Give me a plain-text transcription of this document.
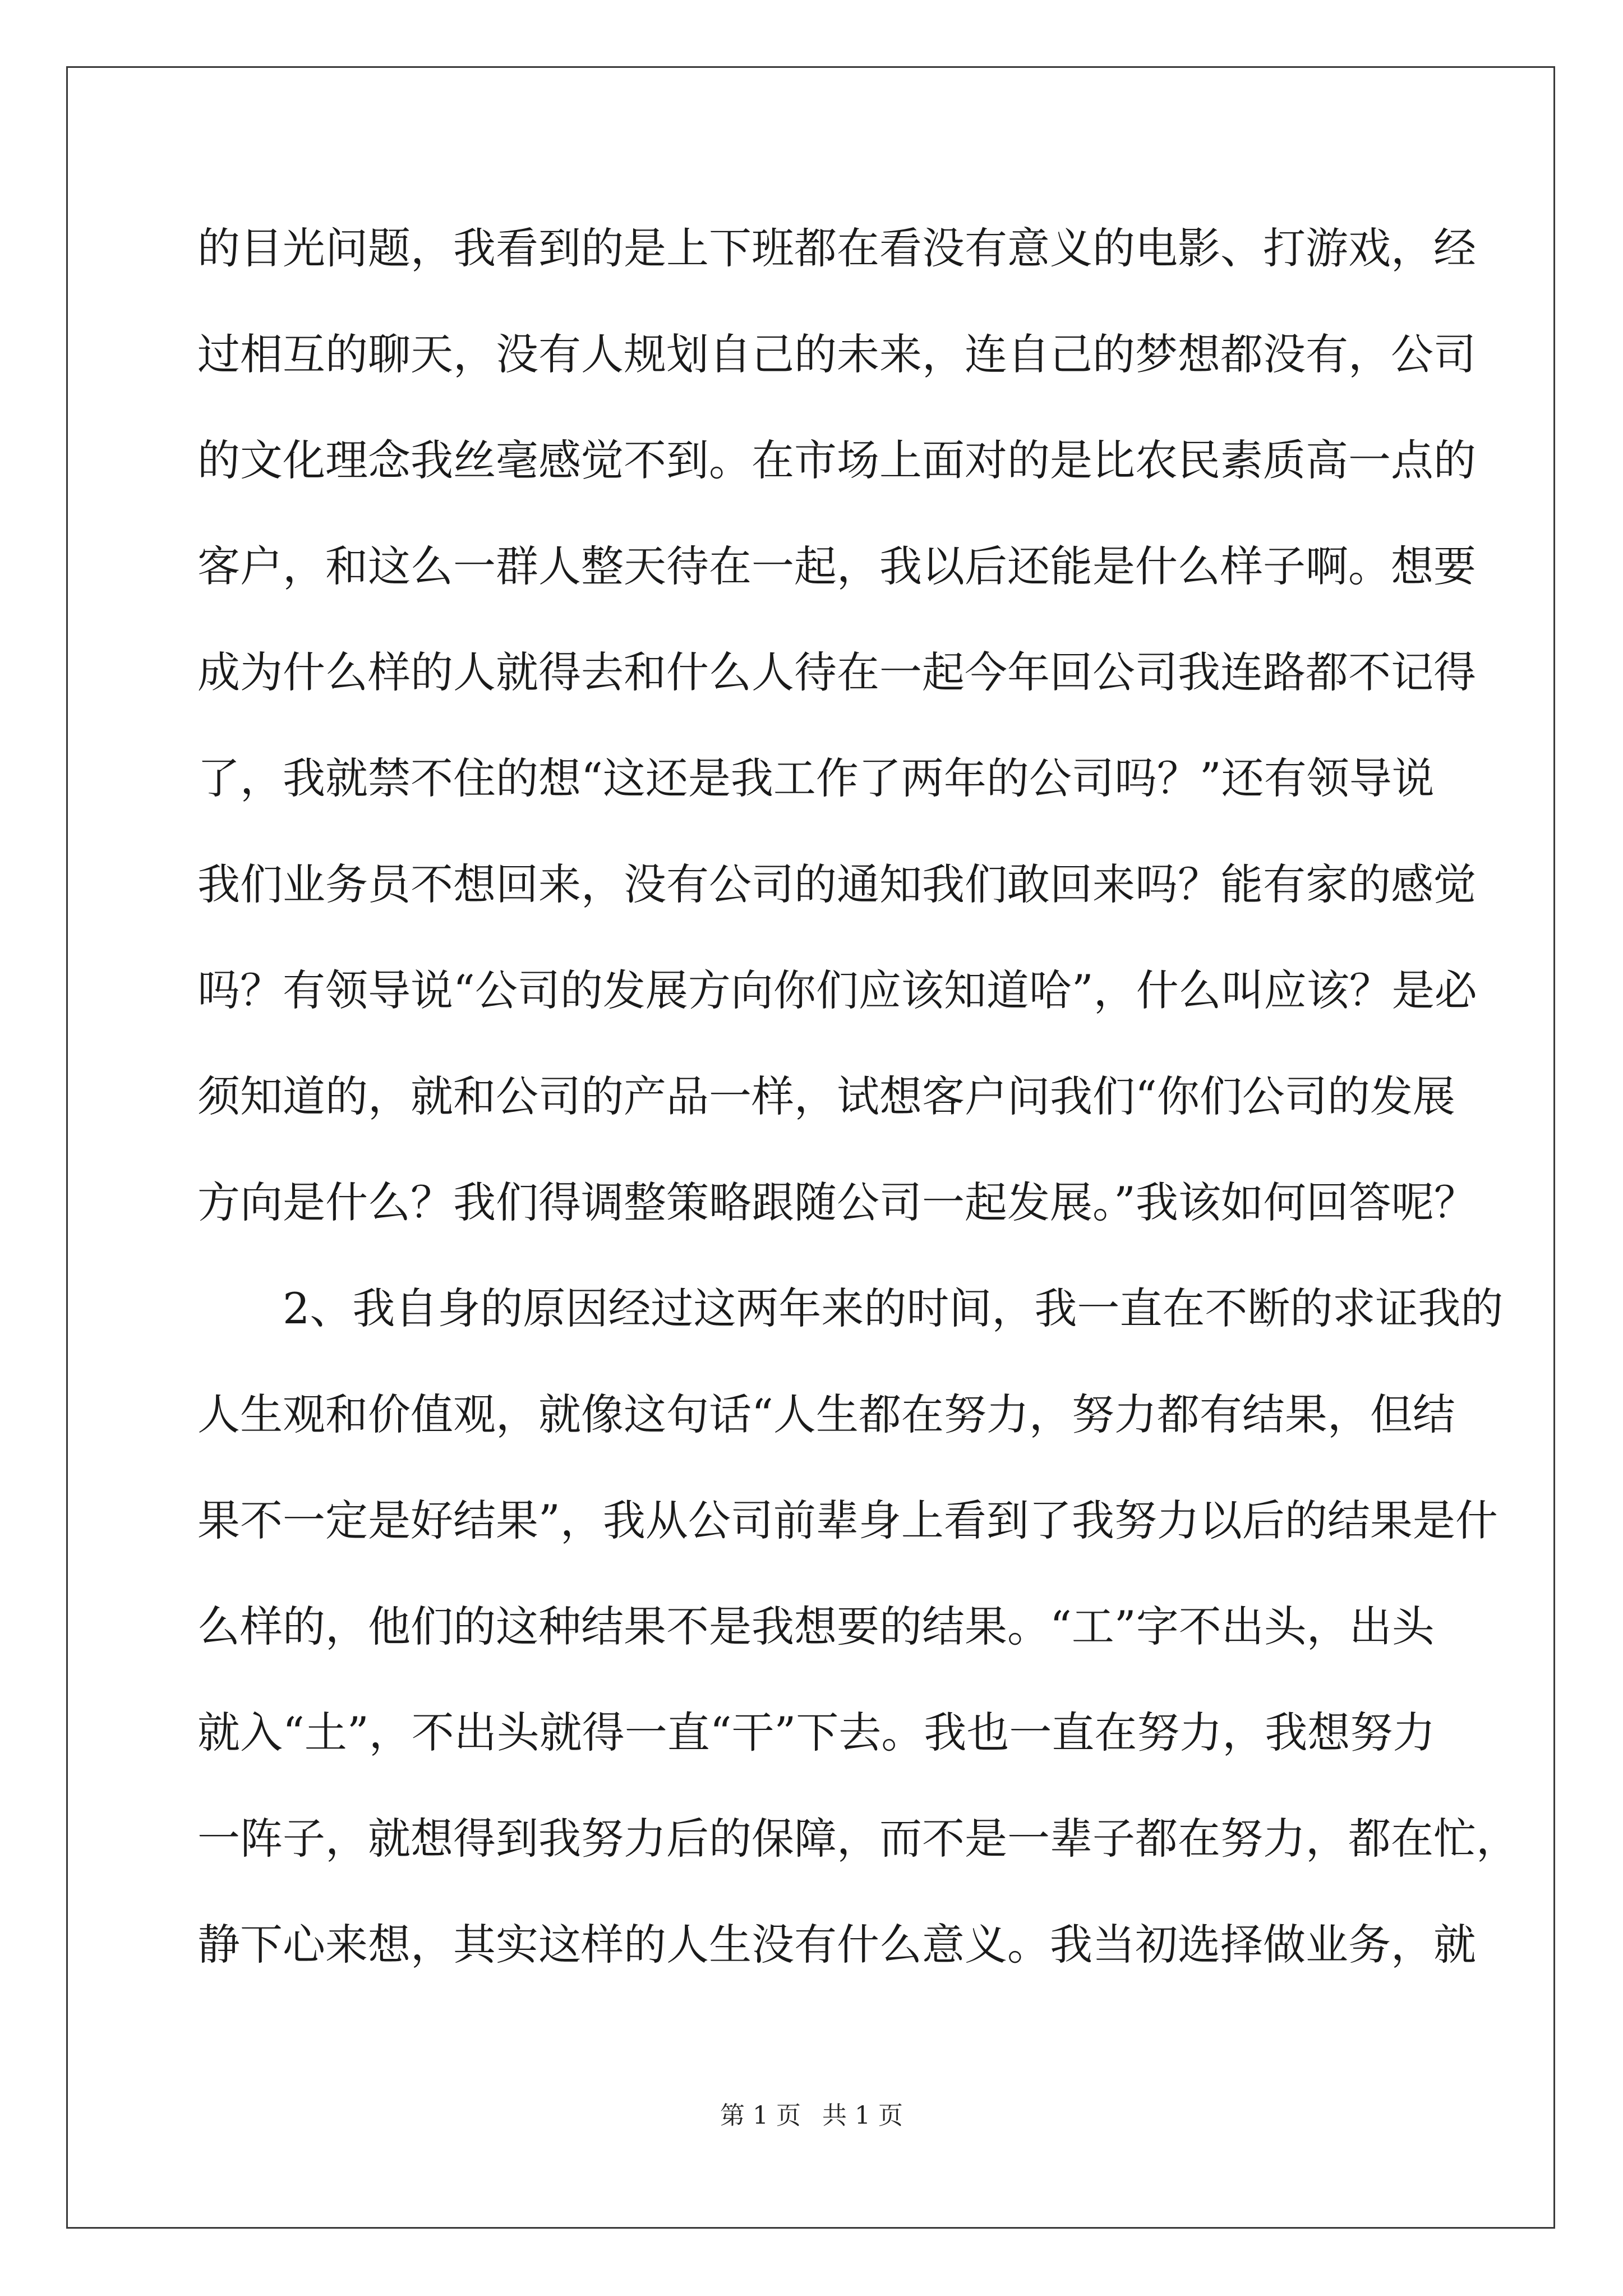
的目光问题，我看到的是上下班都在看没有意义的电影、打游戏，经
过相互的聊天，没有人规划自己的未来，连自己的梦想都没有，公司
的文化理念我丝毫感觉不到。在市场上面对的是比农民素质高一点的
客户，和这么一群人整天待在一起，我以后还能是什么样子啊。想要
成为什么样的人就得去和什么人待在一起今年回公司我连路都不记得
了，我就禁不住的想“这还是我工作了两年的公司吗？”还有领导说
我们业务员不想回来，没有公司的通知我们敢回来吗？能有家的感觉
吗？有领导说“公司的发展方向你们应该知道哈”，什么叫应该？是必
须知道的，就和公司的产品一样，试想客户问我们“你们公司的发展
方向是什么？我们得调整策略跟随公司一起发展。”我该如何回答呢？
2、我自身的原因经过这两年来的时间，我一直在不断的求证我的
人生观和价值观，就像这句话“人生都在努力，努力都有结果，但结
果不一定是好结果”，我从公司前辈身上看到了我努力以后的结果是什
么样的，他们的这种结果不是我想要的结果。“工”字不出头，出头
就入“土”，不出头就得一直“干”下去。我也一直在努力，我想努力
一阵子，就想得到我努力后的保障，而不是一辈子都在努力，都在忙，
静下心来想，其实这样的人生没有什么意义。我当初选择做业务，就
第 1 页 共 1 页
